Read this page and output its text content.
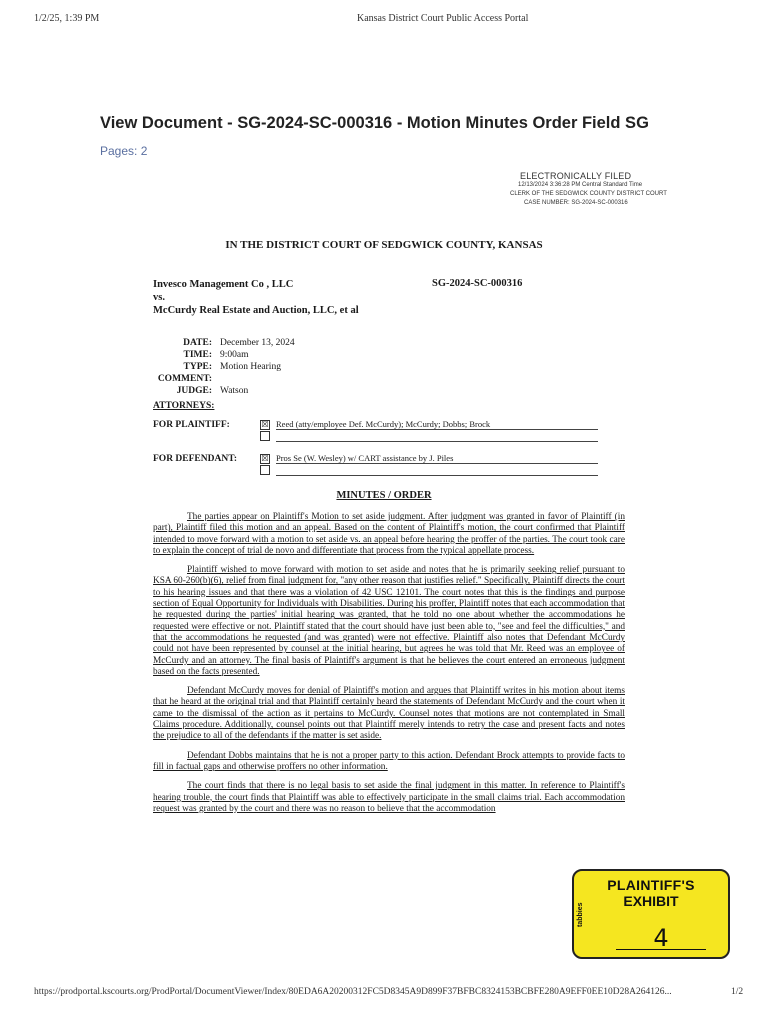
1/2/25, 1:39 PM	Kansas District Court Public Access Portal
View Document - SG-2024-SC-000316 - Motion Minutes Order Field SG
Pages: 2
ELECTRONICALLY FILED
12/13/2024 3:36:28 PM Central Standard Time
CLERK OF THE SEDGWICK COUNTY DISTRICT COURT
CASE NUMBER: SG-2024-SC-000316
IN THE DISTRICT COURT OF SEDGWICK COUNTY, KANSAS
Invesco Management Co , LLC
vs.
McCurdy Real Estate and Auction, LLC, et al
SG-2024-SC-000316
DATE: December 13, 2024
TIME: 9:00am
TYPE: Motion Hearing
COMMENT:
JUDGE: Watson
ATTORNEYS:
FOR PLAINTIFF:	☒ Reed (atty/employee Def. McCurdy); McCurdy; Dobbs; Brock
FOR DEFENDANT:	☒ Pros Se (W. Wesley) w/ CART assistance by J. Piles
MINUTES / ORDER

The parties appear on Plaintiff's Motion to set aside judgment. After judgment was granted in favor of Plaintiff (in part), Plaintiff filed this motion and an appeal. Based on the content of Plaintiff's motion, the court confirmed that Plaintiff intended to move forward with a motion to set aside vs. an appeal before hearing the proffer of the parties. The court took care to explain the concept of trial de novo and differentiate that process from the typical appellate process.

Plaintiff wished to move forward with motion to set aside and notes that he is primarily seeking relief pursuant to KSA 60-260(b)(6), relief from final judgment for, "any other reason that justifies relief." Specifically, Plaintiff directs the court to his hearing issues and that there was a violation of 42 USC 12101. The court notes that this is the findings and purpose section of Equal Opportunity for Individuals with Disabilities. During his proffer, Plaintiff notes that each accommodation that he requested during the parties' initial hearing was granted, that he told no one about whether the accommodations he requested were effective or not. Plaintiff stated that the court should have just been able to, "see and feel the difficulties," and that the accommodations he requested (and was granted) were not effective. Plaintiff also notes that Defendant McCurdy could not have been represented by counsel at the initial hearing, but agrees he was told that Mr. Reed was an employee of McCurdy and an attorney. The final basis of Plaintiff's argument is that he believes the court entered an erroneous judgment based on the facts presented.

Defendant McCurdy moves for denial of Plaintiff's motion and argues that Plaintiff writes in his motion about items that he heard at the original trial and that Plaintiff certainly heard the statements of Defendant McCurdy and the court when it came to the dismissal of the action as it pertains to McCurdy. Counsel notes that motions are not contemplated in Small Claims procedure. Additionally, counsel points out that Plaintiff merely intends to retry the case and present facts and notes the prejudice to all of the defendants if the matter is set aside.

Defendant Dobbs maintains that he is not a proper party to this action. Defendant Brock attempts to provide facts to fill in factual gaps and otherwise proffers no other information.

The court finds that there is no legal basis to set aside the final judgment in this matter. In reference to Plaintiff's hearing trouble, the court finds that Plaintiff was able to effectively participate in the small claims trial. Each accommodation request was granted by the court and there was no reason to believe that the accommodation

tabbies
PLAINTIFF'S
EXHIBIT
4
https://prodportal.kscourts.org/ProdPortal/DocumentViewer/Index/80EDA6A20200312FC5D8345A9D899F37BFBC8324153BCBFE280A9EFF0EE10D28A264126...	1/2
